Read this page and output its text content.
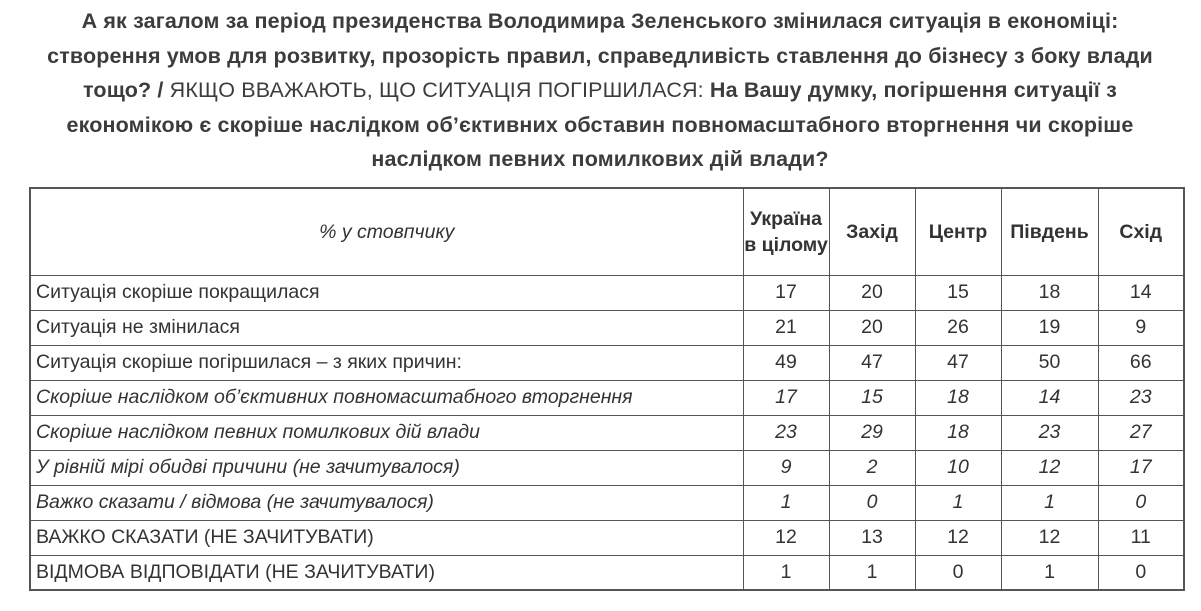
А як загалом за період президенства Володимира Зеленського змінилася ситуація в економіці: створення умов для розвитку, прозорість правил, справедливість ставлення до бізнесу з боку влади тощо? / ЯКЩО ВВАЖАЮТЬ, ЩО СИТУАЦІЯ ПОГІРШИЛАСЯ: На Вашу думку, погіршення ситуації з економікою є скоріше наслідком об’єктивних обставин повномасштабного вторгнення чи скоріше наслідком певних помилкових дій влади?
% у стовпчику	Україна в цілому	Захід	Центр	Південь	Схід
Ситуація скоріше покращилася	17	20	15	18	14
Ситуація не змінилася	21	20	26	19	9
Ситуація скоріше погіршилася – з яких причин:	49	47	47	50	66
Скоріше наслідком об’єктивних повномасштабного вторгнення	17	15	18	14	23
Скоріше наслідком певних помилкових дій влади	23	29	18	23	27
У рівній мірі обидві причини (не зачитувалося)	9	2	10	12	17
Важко сказати / відмова (не зачитувалося)	1	0	1	1	0
ВАЖКО СКАЗАТИ (НЕ ЗАЧИТУВАТИ)	12	13	12	12	11
ВІДМОВА ВІДПОВІДАТИ (НЕ ЗАЧИТУВАТИ)	1	1	0	1	0
